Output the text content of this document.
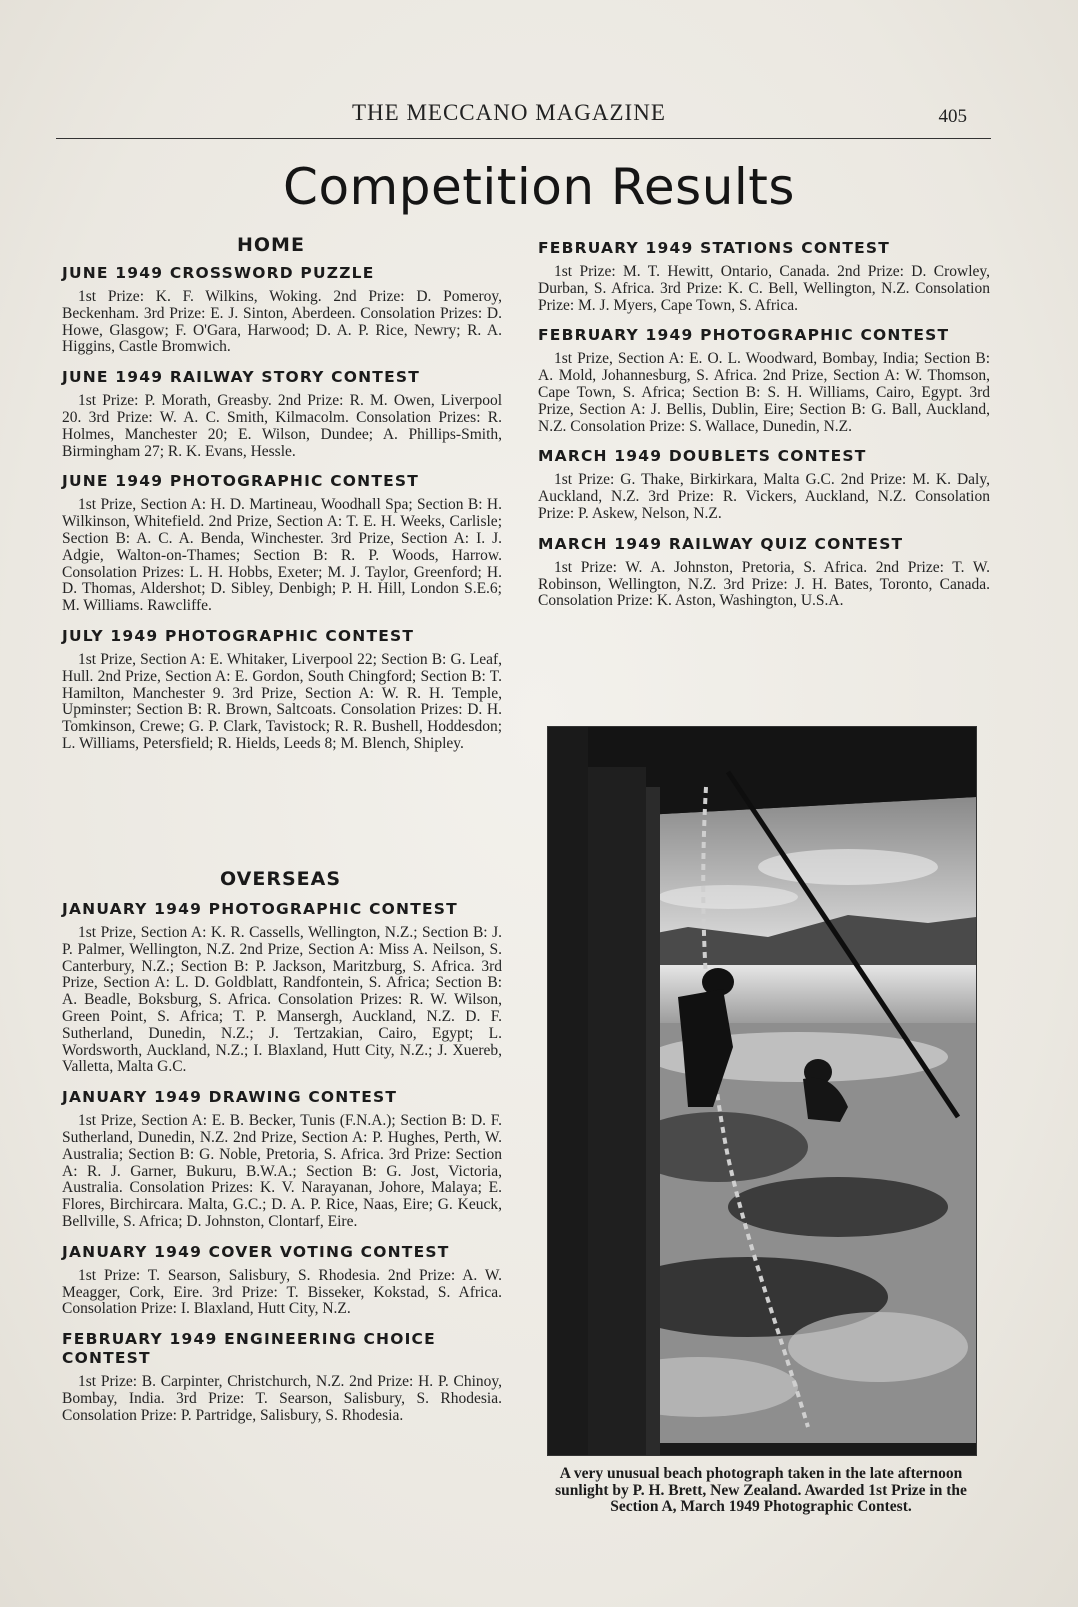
THE MECCANO MAGAZINE	405
Competition Results
HOME
JUNE 1949 CROSSWORD PUZZLE
1st Prize: K. F. Wilkins, Woking. 2nd Prize: D. Pomeroy, Beckenham. 3rd Prize: E. J. Sinton, Aberdeen. Consolation Prizes: D. Howe, Glasgow; F. O'Gara, Harwood; D. A. P. Rice, Newry; R. A. Higgins, Castle Bromwich.
JUNE 1949 RAILWAY STORY CONTEST
1st Prize: P. Morath, Greasby. 2nd Prize: R. M. Owen, Liverpool 20. 3rd Prize: W. A. C. Smith, Kilmacolm. Consolation Prizes: R. Holmes, Manchester 20; E. Wilson, Dundee; A. Phillips-Smith, Birmingham 27; R. K. Evans, Hessle.
JUNE 1949 PHOTOGRAPHIC CONTEST
1st Prize, Section A: H. D. Martineau, Woodhall Spa; Section B: H. Wilkinson, Whitefield. 2nd Prize, Section A: T. E. H. Weeks, Carlisle; Section B: A. C. A. Benda, Winchester. 3rd Prize, Section A: I. J. Adgie, Walton-on-Thames; Section B: R. P. Woods, Harrow. Consolation Prizes: L. H. Hobbs, Exeter; M. J. Taylor, Greenford; H. D. Thomas, Aldershot; D. Sibley, Denbigh; P. H. Hill, London S.E.6; M. Williams. Rawcliffe.
JULY 1949 PHOTOGRAPHIC CONTEST
1st Prize, Section A: E. Whitaker, Liverpool 22; Section B: G. Leaf, Hull. 2nd Prize, Section A: E. Gordon, South Chingford; Section B: T. Hamilton, Manchester 9. 3rd Prize, Section A: W. R. H. Temple, Upminster; Section B: R. Brown, Saltcoats. Consolation Prizes: D. H. Tomkinson, Crewe; G. P. Clark, Tavistock; R. R. Bushell, Hoddesdon; L. Williams, Petersfield; R. Hields, Leeds 8; M. Blench, Shipley.
OVERSEAS
JANUARY 1949 PHOTOGRAPHIC CONTEST
1st Prize, Section A: K. R. Cassells, Wellington, N.Z.; Section B: J. P. Palmer, Wellington, N.Z. 2nd Prize, Section A: Miss A. Neilson, S. Canterbury, N.Z.; Section B: P. Jackson, Maritzburg, S. Africa. 3rd Prize, Section A: L. D. Goldblatt, Randfontein, S. Africa; Section B: A. Beadle, Boksburg, S. Africa. Consolation Prizes: R. W. Wilson, Green Point, S. Africa; T. P. Mansergh, Auckland, N.Z. D. F. Sutherland, Dunedin, N.Z.; J. Tertzakian, Cairo, Egypt; L. Wordsworth, Auckland, N.Z.; I. Blaxland, Hutt City, N.Z.; J. Xuereb, Valletta, Malta G.C.
JANUARY 1949 DRAWING CONTEST
1st Prize, Section A: E. B. Becker, Tunis (F.N.A.); Section B: D. F. Sutherland, Dunedin, N.Z. 2nd Prize, Section A: P. Hughes, Perth, W. Australia; Section B: G. Noble, Pretoria, S. Africa. 3rd Prize: Section A: R. J. Garner, Bukuru, B.W.A.; Section B: G. Jost, Victoria, Australia. Consolation Prizes: K. V. Narayanan, Johore, Malaya; E. Flores, Birchircara. Malta, G.C.; D. A. P. Rice, Naas, Eire; G. Keuck, Bellville, S. Africa; D. Johnston, Clontarf, Eire.
JANUARY 1949 COVER VOTING CONTEST
1st Prize: T. Searson, Salisbury, S. Rhodesia. 2nd Prize: A. W. Meagger, Cork, Eire. 3rd Prize: T. Bisseker, Kokstad, S. Africa. Consolation Prize: I. Blaxland, Hutt City, N.Z.
FEBRUARY 1949 ENGINEERING CHOICE CONTEST
1st Prize: B. Carpinter, Christchurch, N.Z. 2nd Prize: H. P. Chinoy, Bombay, India. 3rd Prize: T. Searson, Salisbury, S. Rhodesia. Consolation Prize: P. Partridge, Salisbury, S. Rhodesia.
FEBRUARY 1949 STATIONS CONTEST
1st Prize: M. T. Hewitt, Ontario, Canada. 2nd Prize: D. Crowley, Durban, S. Africa. 3rd Prize: K. C. Bell, Wellington, N.Z. Consolation Prize: M. J. Myers, Cape Town, S. Africa.
FEBRUARY 1949 PHOTOGRAPHIC CONTEST
1st Prize, Section A: E. O. L. Woodward, Bombay, India; Section B: A. Mold, Johannesburg, S. Africa. 2nd Prize, Section A: W. Thomson, Cape Town, S. Africa; Section B: S. H. Williams, Cairo, Egypt. 3rd Prize, Section A: J. Bellis, Dublin, Eire; Section B: G. Ball, Auckland, N.Z. Consolation Prize: S. Wallace, Dunedin, N.Z.
MARCH 1949 DOUBLETS CONTEST
1st Prize: G. Thake, Birkirkara, Malta G.C. 2nd Prize: M. K. Daly, Auckland, N.Z. 3rd Prize: R. Vickers, Auckland, N.Z. Consolation Prize: P. Askew, Nelson, N.Z.
MARCH 1949 RAILWAY QUIZ CONTEST
1st Prize: W. A. Johnston, Pretoria, S. Africa. 2nd Prize: T. W. Robinson, Wellington, N.Z. 3rd Prize: J. H. Bates, Toronto, Canada. Consolation Prize: K. Aston, Washington, U.S.A.
A very unusual beach photograph taken in the late afternoon sunlight by P. H. Brett, New Zealand. Awarded 1st Prize in the Section A, March 1949 Photographic Contest.
